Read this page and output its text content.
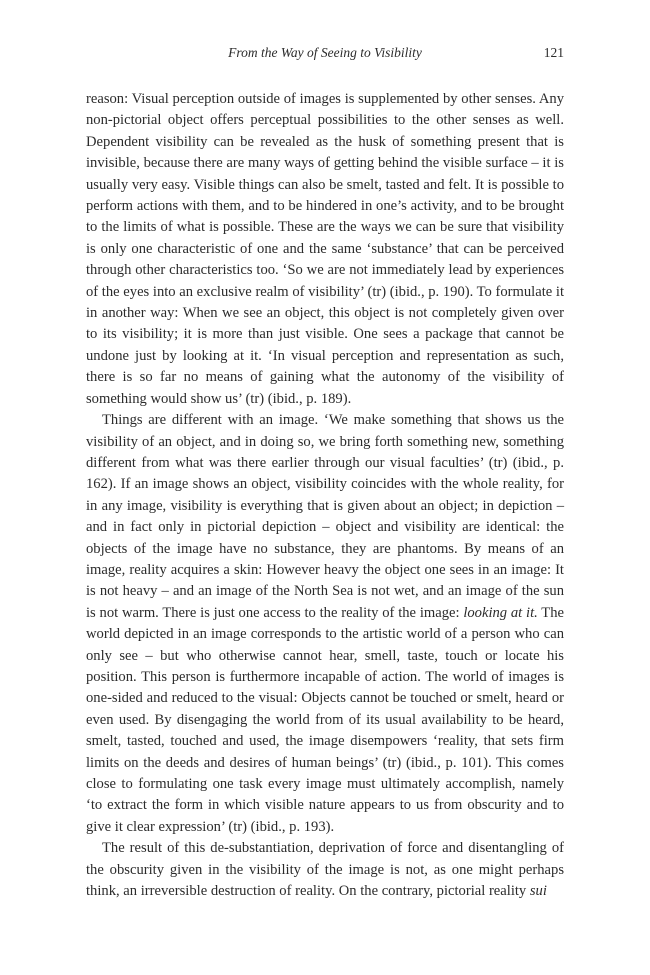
From the Way of Seeing to Visibility	121

reason: Visual perception outside of images is supplemented by other senses. Any non-pictorial object offers perceptual possibilities to the other senses as well. Dependent visibility can be revealed as the husk of something present that is invisible, because there are many ways of getting behind the visible surface – it is usually very easy. Visible things can also be smelt, tasted and felt. It is possible to perform actions with them, and to be hindered in one’s activity, and to be brought to the limits of what is possible. These are the ways we can be sure that visibility is only one characteristic of one and the same ‘substance’ that can be perceived through other characteristics too. ‘So we are not immediately lead by experiences of the eyes into an exclusive realm of visibility’ (tr) (ibid., p. 190). To formulate it in another way: When we see an object, this object is not completely given over to its visibility; it is more than just visible. One sees a package that cannot be undone just by looking at it. ‘In visual perception and representation as such, there is so far no means of gaining what the autonomy of the visibility of something would show us’ (tr) (ibid., p. 189).

Things are different with an image. ‘We make something that shows us the visibility of an object, and in doing so, we bring forth something new, something different from what was there earlier through our visual faculties’ (tr) (ibid., p. 162). If an image shows an object, visibility coincides with the whole reality, for in any image, visibility is everything that is given about an object; in depiction – and in fact only in pictorial depiction – object and visibility are identical: the objects of the image have no substance, they are phantoms. By means of an image, reality acquires a skin: However heavy the object one sees in an image: It is not heavy – and an image of the North Sea is not wet, and an image of the sun is not warm. There is just one access to the reality of the image: looking at it. The world depicted in an image corresponds to the artistic world of a person who can only see – but who otherwise cannot hear, smell, taste, touch or locate his position. This person is furthermore incapable of action. The world of images is one-sided and reduced to the visual: Objects cannot be touched or smelt, heard or even used. By disengaging the world from of its usual availability to be heard, smelt, tasted, touched and used, the image disempowers ‘reality, that sets firm limits on the deeds and desires of human beings’ (tr) (ibid., p. 101). This comes close to formulating one task every image must ultimately accomplish, namely ‘to extract the form in which visible nature appears to us from obscurity and to give it clear expression’ (tr) (ibid., p. 193).

The result of this de-substantiation, deprivation of force and disentangling of the obscurity given in the visibility of the image is not, as one might perhaps think, an irreversible destruction of reality. On the contrary, pictorial reality sui
